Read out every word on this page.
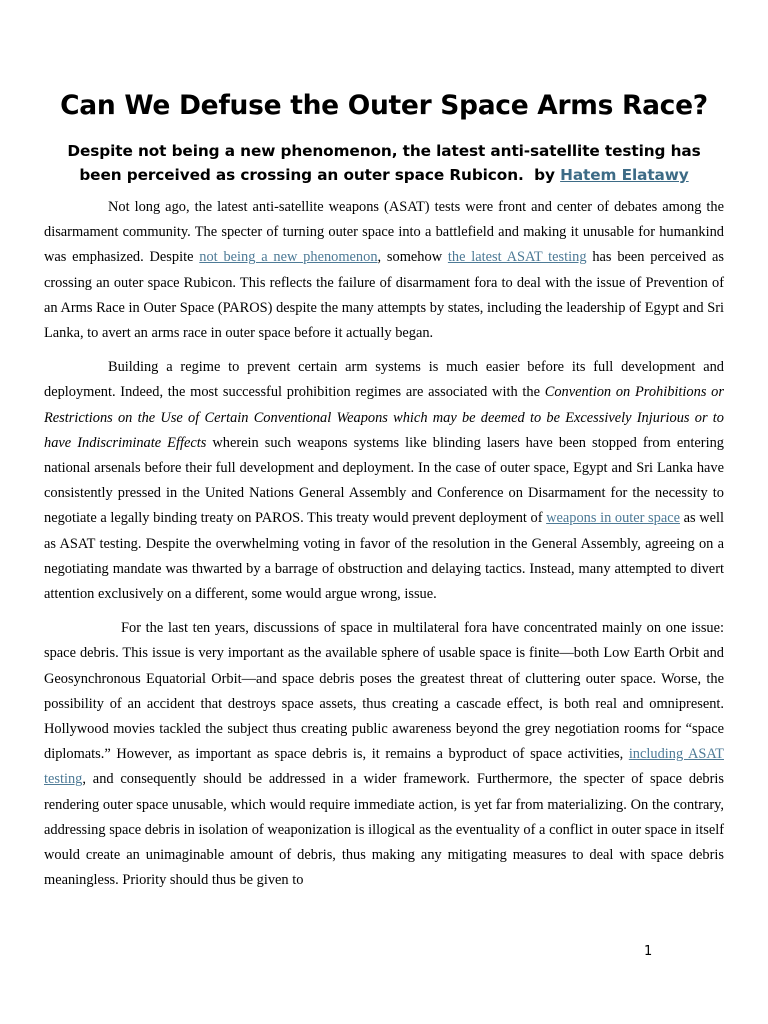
Can We Defuse the Outer Space Arms Race?
Despite not being a new phenomenon, the latest anti-satellite testing has
been perceived as crossing an outer space Rubicon. by Hatem Elatawy

Not long ago, the latest anti-satellite weapons (ASAT) tests were front and center of debates among the disarmament community. The specter of turning outer space into a battlefield and making it unusable for humankind was emphasized. Despite not being a new phenomenon, somehow the latest ASAT testing has been perceived as crossing an outer space Rubicon. This reflects the failure of disarmament fora to deal with the issue of Prevention of an Arms Race in Outer Space (PAROS) despite the many attempts by states, including the leadership of Egypt and Sri Lanka, to avert an arms race in outer space before it actually began.

Building a regime to prevent certain arm systems is much easier before its full development and deployment. Indeed, the most successful prohibition regimes are associated with the Convention on Prohibitions or Restrictions on the Use of Certain Conventional Weapons which may be deemed to be Excessively Injurious or to have Indiscriminate Effects wherein such weapons systems like blinding lasers have been stopped from entering national arsenals before their full development and deployment. In the case of outer space, Egypt and Sri Lanka have consistently pressed in the United Nations General Assembly and Conference on Disarmament for the necessity to negotiate a legally binding treaty on PAROS. This treaty would prevent deployment of weapons in outer space as well as ASAT testing. Despite the overwhelming voting in favor of the resolution in the General Assembly, agreeing on a negotiating mandate was thwarted by a barrage of obstruction and delaying tactics. Instead, many attempted to divert attention exclusively on a different, some would argue wrong, issue.

For the last ten years, discussions of space in multilateral fora have concentrated mainly on one issue: space debris. This issue is very important as the available sphere of usable space is finite—both Low Earth Orbit and Geosynchronous Equatorial Orbit—and space debris poses the greatest threat of cluttering outer space. Worse, the possibility of an accident that destroys space assets, thus creating a cascade effect, is both real and omnipresent. Hollywood movies tackled the subject thus creating public awareness beyond the grey negotiation rooms for “space diplomats.” However, as important as space debris is, it remains a byproduct of space activities, including ASAT testing, and consequently should be addressed in a wider framework. Furthermore, the specter of space debris rendering outer space unusable, which would require immediate action, is yet far from materializing. On the contrary, addressing space debris in isolation of weaponization is illogical as the eventuality of a conflict in outer space in itself would create an unimaginable amount of debris, thus making any mitigating measures to deal with space debris meaningless. Priority should thus be given to

1
